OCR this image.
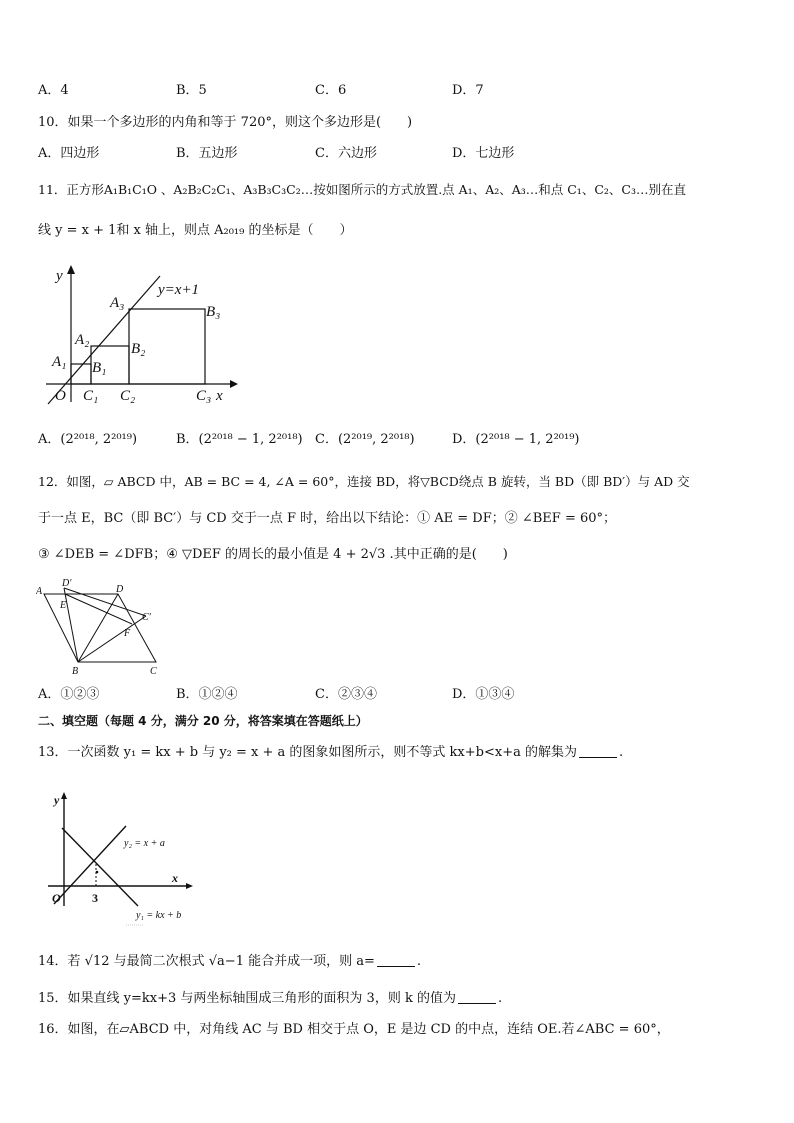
A．4	B．5	C．6	D．7
10．如果一个多边形的内角和等于 720°，则这个多边形是(　　)
A．四边形	B．五边形	C．六边形	D．七边形
11．正方形A₁B₁C₁O 、A₂B₂C₂C₁、A₃B₃C₃C₂…按如图所示的方式放置.点 A₁、A₂、A₃…和点 C₁、C₂、C₃…别在直
线 y = x + 1和 x 轴上，则点 A₂₀₁₉ 的坐标是（　　）
y
x
y=x+1
O
A₁
A₂
A₃
B₁
B₂
B₃
C₁ C₂	C₃
A．(2²⁰¹⁸, 2²⁰¹⁹)	B．(2²⁰¹⁸ − 1, 2²⁰¹⁸) C．(2²⁰¹⁹, 2²⁰¹⁸)	D．(2²⁰¹⁸ − 1, 2²⁰¹⁹)
12．如图，▱ ABCD 中，AB = BC = 4, ∠A = 60°，连接 BD，将▽BCD绕点 B 旋转，当 BD（即 BD′）与 AD 交
于一点 E，BC（即 BC′）与 CD 交于一点 F 时，给出以下结论：① AE = DF；② ∠BEF = 60°；
③ ∠DEB = ∠DFB；④ ▽DEF 的周长的最小值是 4 + 2√3 .其中正确的是(　　)
A
D′
D
E
C′
F
B	C
A．①②③	B．①②④	C．②③④	D．①③④
二、填空题（每题 4 分，满分 20 分，将答案填在答题纸上）
13．一次函数 y₁ = kx + b 与 y₂ = x + a 的图象如图所示，则不等式 kx+b<x+a 的解集为	.
y
x
O
y₂ = x + a
y₁ = kx + b
3
14．若 √12 与最简二次根式 √a−1 能合并成一项，则 a=	.
15．如果直线 y=kx+3 与两坐标轴围成三角形的面积为 3，则 k 的值为	.
16．如图，在▱ABCD 中，对角线 AC 与 BD 相交于点 O，E 是边 CD 的中点，连结 OE.若∠ABC = 60°，
